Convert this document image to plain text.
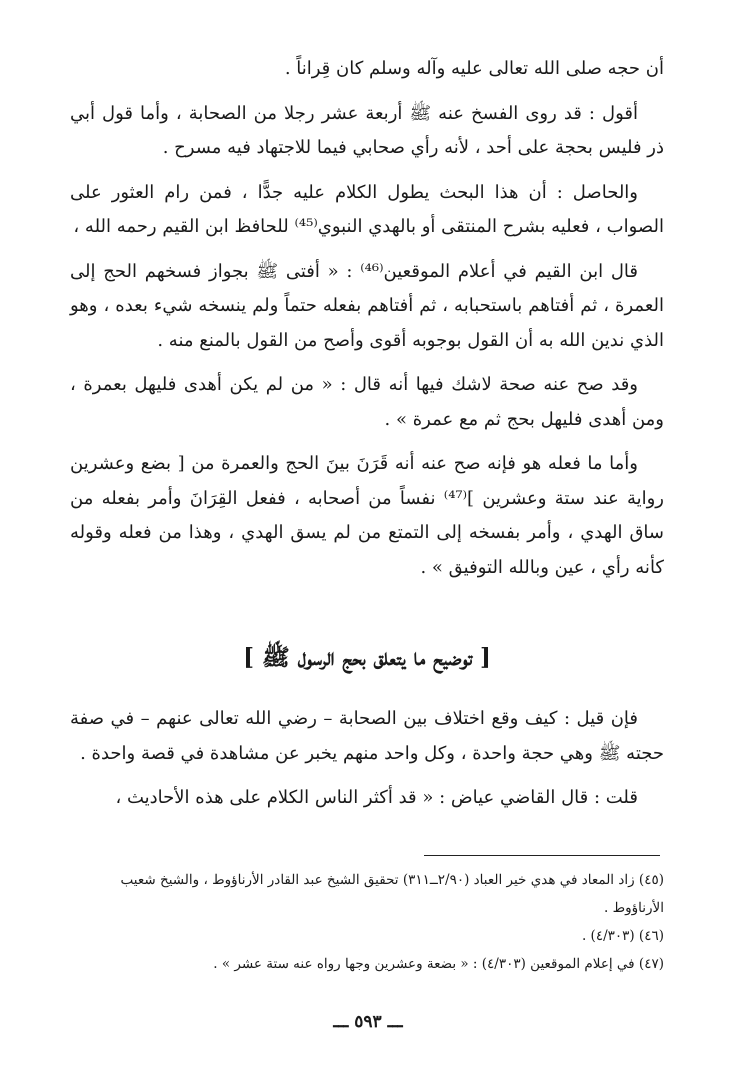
أن حجه صلى الله تعالى عليه وآله وسلم كان قِراناً .

أقول : قد روى الفسخ عنه ﷺ أربعة عشر رجلا من الصحابة ، وأما قول أبي ذر فليس بحجة على أحد ، لأنه رأي صحابي فيما للاجتهاد فيه مسرح .

والحاصل : أن هذا البحث يطول الكلام عليه جدًّا ، فمن رام العثور على الصواب ، فعليه بشرح المنتقى أو بالهدي النبوي⁽⁴⁵⁾ للحافظ ابن القيم رحمه الله ،

قال ابن القيم في أعلام الموقعين⁽⁴⁶⁾ : « أفتى ﷺ بجواز فسخهم الحج إلى العمرة ، ثم أفتاهم باستحبابه ، ثم أفتاهم بفعله حتماً ولم ينسخه شيء بعده ، وهو الذي ندين الله به أن القول بوجوبه أقوى وأصح من القول بالمنع منه .

وقد صح عنه صحة لاشك فيها أنه قال : « من لم يكن أهدى فليهل بعمرة ، ومن أهدى فليهل بحج ثم مع عمرة » .

وأما ما فعله هو فإنه صح عنه أنه قَرَنَ بينَ الحج والعمرة من [ بضع وعشرين رواية عند ستة وعشرين ]⁽⁴⁷⁾ نفساً من أصحابه ، ففعل القِرَانَ وأمر بفعله من ساق الهدي ، وأمر بفسخه إلى التمتع من لم يسق الهدي ، وهذا من فعله وقوله كأنه رأي ، عين وبالله التوفيق » .

[ توضيح ما يتعلق بحج الرسول ﷺ ]

فإن قيل : كيف وقع اختلاف بين الصحابة – رضي الله تعالى عنهم – في صفة حجته ﷺ وهي حجة واحدة ، وكل واحد منهم يخبر عن مشاهدة في قصة واحدة .

قلت : قال القاضي عياض : « قد أكثر الناس الكلام على هذه الأحاديث ،

(٤٥) زاد المعاد في هدي خير العباد (٢/٩٠ــ٣١١) تحقيق الشيخ عبد القادر الأرناؤوط ، والشيخ شعيب الأرناؤوط .

(٤٦) (٤/٣٠٣) .

(٤٧) في إعلام الموقعين (٤/٣٠٣) : « بضعة وعشرين وجها رواه عنه ستة عشر » .

ـــ ٥٩٣ ـــ
